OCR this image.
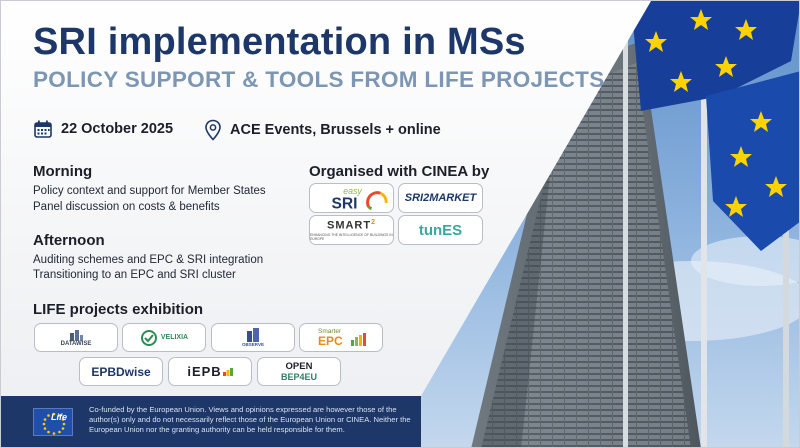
SRI implementation in MSs
POLICY SUPPORT & TOOLS FROM LIFE PROJECTS
22 October 2025	ACE Events, Brussels + online
Morning
Policy context and support for Member States
Panel discussion on costs & benefits
Afternoon
Auditing schemes and EPC & SRI integration
Transitioning to an EPC and SRI cluster
Organised with CINEA by
easy
SRI	SRI2MARKET
SMART$^2$
ENHANCING THE INTELLIGENCE OF BUILDINGS IN EUROPE
tunES
LIFE projects exhibition
DATAWISE
VELIXIA
OBSERVE
Smarter
EPC
EPBDwise	iEPB	OPEN
BEP4EU
Life
Co-funded by the European Union. Views and opinions expressed are however those of the author(s) only and do not necessarily reflect those of the European Union or CINEA. Neither the European Union nor the granting authority can be held responsible for them.
